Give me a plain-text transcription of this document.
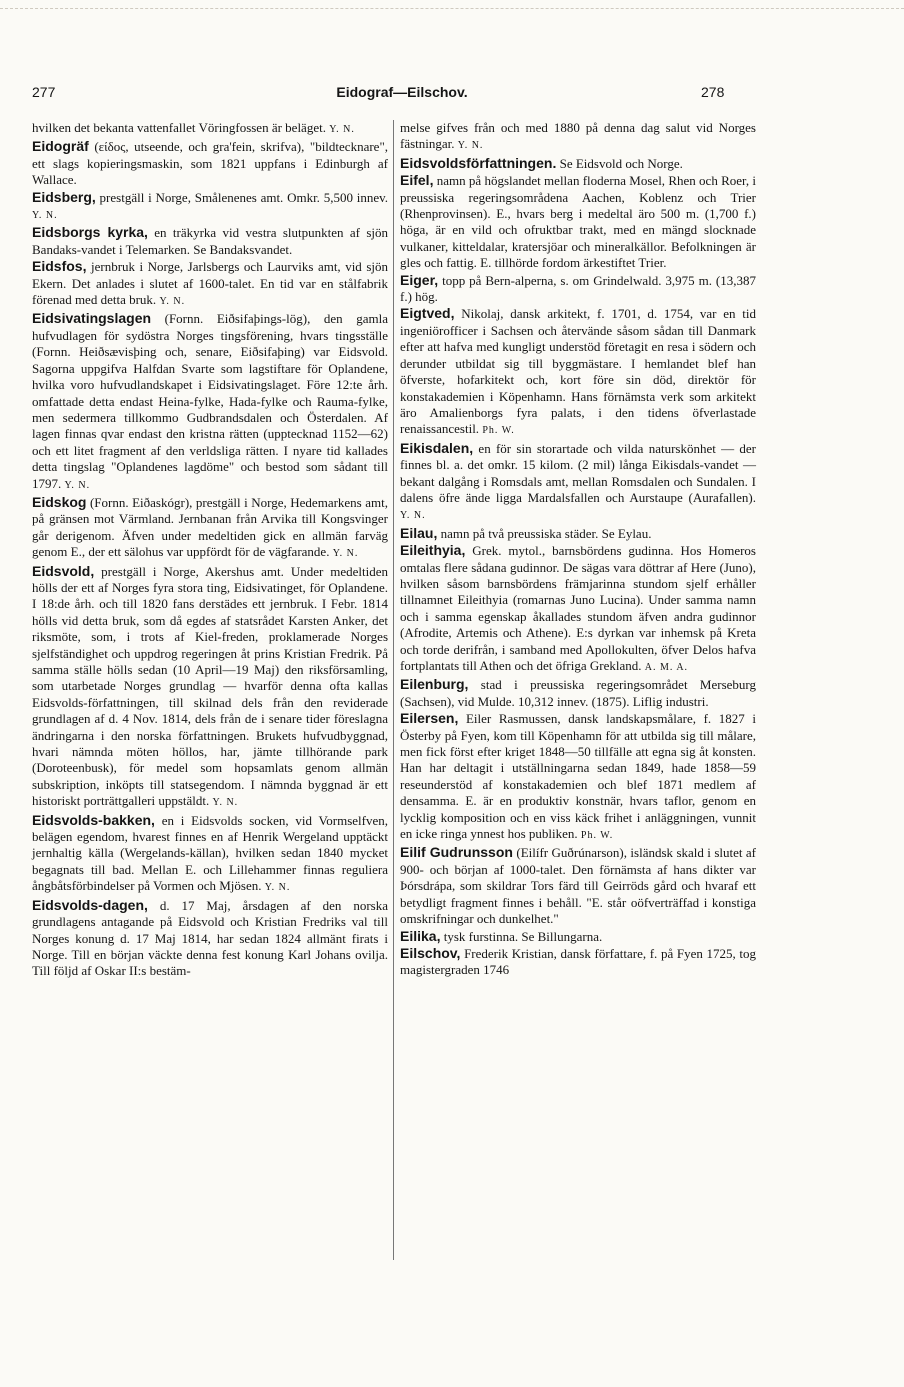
277	Eidograf—Eilschov.	278

hvilken det bekanta vattenfallet Vöringfossen är beläget. Y. N.

Eidogräf (είδος, utseende, och gra'fein, skrifva), "bildtecknare", ett slags kopieringsmaskin, som 1821 uppfans i Edinburgh af Wallace.

Eidsberg, prestgäll i Norge, Smålenenes amt. Omkr. 5,500 innev. Y. N.

Eidsborgs kyrka, en träkyrka vid vestra slutpunkten af sjön Bandaks-vandet i Telemarken. Se Bandaksvandet.

Eidsfos, jernbruk i Norge, Jarlsbergs och Laurviks amt, vid sjön Ekern. Det anlades i slutet af 1600-talet. En tid var en stålfabrik förenad med detta bruk. Y. N.

Eidsivatingslagen (Fornn. Eiðsifaþings-lög), den gamla hufvudlagen för sydöstra Norges tingsförening, hvars tingsställe (Fornn. Heiðsævisþing och, senare, Eiðsifaþing) var Eidsvold. Sagorna uppgifva Halfdan Svarte som lagstiftare för Oplandene, hvilka voro hufvudlandskapet i Eidsivatingslaget. Före 12:te årh. omfattade detta endast Heina-fylke, Hada-fylke och Rauma-fylke, men sedermera tillkommo Gudbrandsdalen och Österdalen. Af lagen finnas qvar endast den kristna rätten (upptecknad 1152—62) och ett litet fragment af den verldsliga rätten. I nyare tid kallades detta tingslag "Oplandenes lagdöme" och bestod som sådant till 1797. Y. N.

Eidskog (Fornn. Eiðaskógr), prestgäll i Norge, Hedemarkens amt, på gränsen mot Värmland. Jernbanan från Arvika till Kongsvinger går derigenom. Äfven under medeltiden gick en allmän farväg genom E., der ett sälohus var uppfördt för de vägfarande. Y. N.

Eidsvold, prestgäll i Norge, Akershus amt. Under medeltiden hölls der ett af Norges fyra stora ting, Eidsivatinget, för Oplandene. I 18:de årh. och till 1820 fans derstädes ett jernbruk. I Febr. 1814 hölls vid detta bruk, som då egdes af statsrådet Karsten Anker, det riksmöte, som, i trots af Kiel-freden, proklamerade Norges sjelfständighet och uppdrog regeringen åt prins Kristian Fredrik. På samma ställe hölls sedan (10 April—19 Maj) den riksförsamling, som utarbetade Norges grundlag — hvarför denna ofta kallas Eidsvolds-författningen, till skilnad dels från den reviderade grundlagen af d. 4 Nov. 1814, dels från de i senare tider föreslagna ändringarna i den norska författningen. Brukets hufvudbyggnad, hvari nämnda möten höllos, har, jämte tillhörande park (Doroteenbusk), för medel som hopsamlats genom allmän subskription, inköpts till statsegendom. I nämnda byggnad är ett historiskt porträttgalleri uppstäldt. Y. N.

Eidsvolds-bakken, en i Eidsvolds socken, vid Vormselfven, belägen egendom, hvarest finnes en af Henrik Wergeland upptäckt jernhaltig källa (Wergelands-källan), hvilken sedan 1840 mycket begagnats till bad. Mellan E. och Lillehammer finnas reguliera ångbåtsförbindelser på Vormen och Mjösen. Y. N.

Eidsvolds-dagen, d. 17 Maj, årsdagen af den norska grundlagens antagande på Eidsvold och Kristian Fredriks val till Norges konung d. 17 Maj 1814, har sedan 1824 allmänt firats i Norge. Till en början väckte denna fest konung Karl Johans ovilja. Till följd af Oskar II:s bestäm-

melse gifves från och med 1880 på denna dag salut vid Norges fästningar. Y. N.

Eidsvoldsförfattningen. Se Eidsvold och Norge.

Eifel, namn på högslandet mellan floderna Mosel, Rhen och Roer, i preussiska regeringsområdena Aachen, Koblenz och Trier (Rhenprovinsen). E., hvars berg i medeltal äro 500 m. (1,700 f.) höga, är en vild och ofruktbar trakt, med en mängd slocknade vulkaner, kitteldalar, kratersjöar och mineralkällor. Befolkningen är gles och fattig. E. tillhörde fordom ärkestiftet Trier.

Eiger, topp på Bern-alperna, s. om Grindelwald. 3,975 m. (13,387 f.) hög.

Eigtved, Nikolaj, dansk arkitekt, f. 1701, d. 1754, var en tid ingeniörofficer i Sachsen och återvände såsom sådan till Danmark efter att hafva med kungligt understöd företagit en resa i södern och derunder utbildat sig till byggmästare. I hemlandet blef han öfverste, hofarkitekt och, kort före sin död, direktör för konstakademien i Köpenhamn. Hans förnämsta verk som arkitekt äro Amalienborgs fyra palats, i den tidens öfverlastade renaissancestil. Ph. W.

Eikisdalen, en för sin storartade och vilda naturskönhet — der finnes bl. a. det omkr. 15 kilom. (2 mil) långa Eikisdals-vandet — bekant dalgång i Romsdals amt, mellan Romsdalen och Sundalen. I dalens öfre ände ligga Mardalsfallen och Aurstaupe (Aurafallen). Y. N.

Eilau, namn på två preussiska städer. Se Eylau.

Eileithyia, Grek. mytol., barnsbördens gudinna. Hos Homeros omtalas flere sådana gudinnor. De sägas vara döttrar af Here (Juno), hvilken såsom barnsbördens främjarinna stundom sjelf erhåller tillnamnet Eileithyia (romarnas Juno Lucina). Under samma namn och i samma egenskap åkallades stundom äfven andra gudinnor (Afrodite, Artemis och Athene). E:s dyrkan var inhemsk på Kreta och torde derifrån, i samband med Apollokulten, öfver Delos hafva fortplantats till Athen och det öfriga Grekland. A. M. A.

Eilenburg, stad i preussiska regeringsområdet Merseburg (Sachsen), vid Mulde. 10,312 innev. (1875). Liflig industri.

Eilersen, Eiler Rasmussen, dansk landskapsmålare, f. 1827 i Österby på Fyen, kom till Köpenhamn för att utbilda sig till målare, men fick först efter kriget 1848—50 tillfälle att egna sig åt konsten. Han har deltagit i utställningarna sedan 1849, hade 1858—59 reseunderstöd af konstakademien och blef 1871 medlem af densamma. E. är en produktiv konstnär, hvars taflor, genom en lycklig komposition och en viss käck frihet i anläggningen, vunnit en icke ringa ynnest hos publiken. Ph. W.

Eilif Gudrunsson (Eilífr Guðrúnarson), isländsk skald i slutet af 900- och början af 1000-talet. Den förnämsta af hans dikter var Þórsdrápa, som skildrar Tors färd till Geirröds gård och hvaraf ett betydligt fragment finnes i behåll. "E. står oöfverträffad i konstiga omskrifningar och dunkelhet."

Eilika, tysk furstinna. Se Billungarna.

Eilschov, Frederik Kristian, dansk författare, f. på Fyen 1725, tog magistergraden 1746
